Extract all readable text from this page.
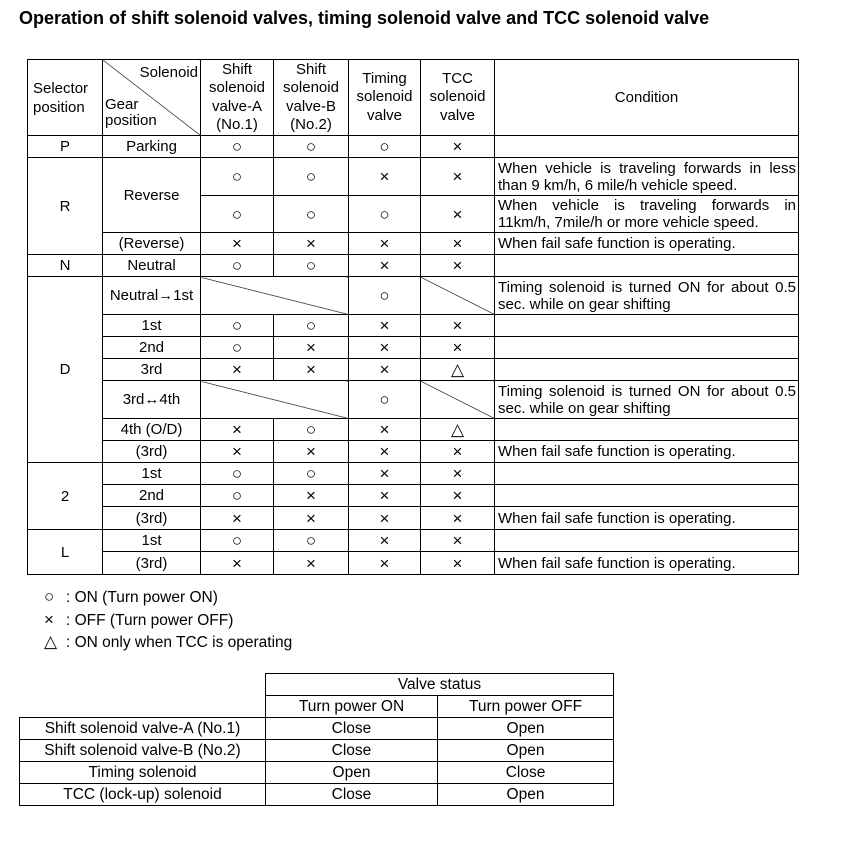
Operation of shift solenoid valves, timing solenoid valve and TCC solenoid valve
Selector position	Solenoid
Gear position	Shift solenoid valve-A (No.1)	Shift solenoid valve-B (No.2)	Timing solenoid valve	TCC solenoid valve	Condition
P	Parking	○	○	○	×	
R	Reverse	○	○	×	×	When vehicle is traveling forwards in less than 9 km/h, 6 mile/h vehicle speed.
		○	○	○	×	When vehicle is traveling forwards in 11km/h, 7mile/h or more vehicle speed.
	(Reverse)	×	×	×	×	When fail safe function is operating.
N	Neutral	○	○	×	×	
D	Neutral→1st			○		Timing solenoid is turned ON for about 0.5 sec. while on gear shifting
	1st	○	○	×	×	
	2nd	○	×	×	×	
	3rd	×	×	×	△	
	3rd↔4th			○		Timing solenoid is turned ON for about 0.5 sec. while on gear shifting
	4th (O/D)	×	○	×	△	
	(3rd)	×	×	×	×	When fail safe function is operating.
2	1st	○	○	×	×	
	2nd	○	×	×	×	
	(3rd)	×	×	×	×	When fail safe function is operating.
L	1st	○	○	×	×	
	(3rd)	×	×	×	×	When fail safe function is operating.
○ : ON (Turn power ON)
× : OFF (Turn power OFF)
△ : ON only when TCC is operating
	Valve status	
	Turn power ON	Turn power OFF
Shift solenoid valve-A (No.1)	Close	Open
Shift solenoid valve-B (No.2)	Close	Open
Timing solenoid	Open	Close
TCC (lock-up) solenoid	Close	Open
